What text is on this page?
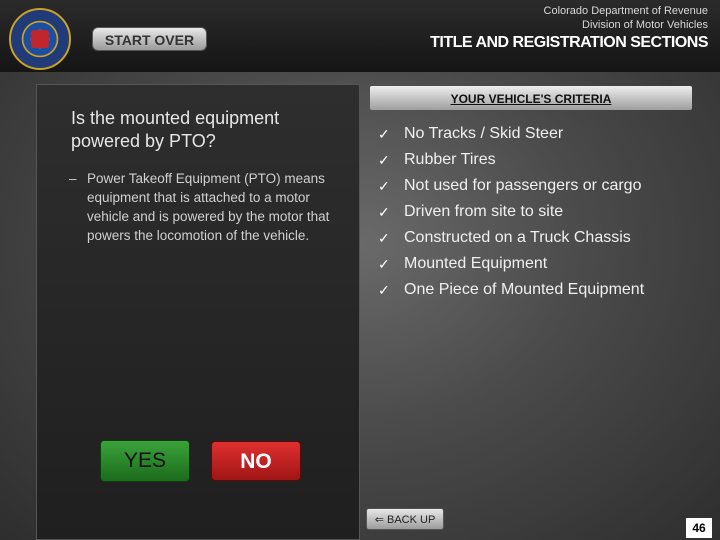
START OVER
Colorado Department of Revenue
Division of Motor Vehicles
TITLE AND REGISTRATION SECTIONS
Is the mounted equipment powered by PTO?
– Power Takeoff Equipment (PTO) means equipment that is attached to a motor vehicle and is powered by the motor that powers the locomotion of the vehicle.
YOUR VEHICLE'S CRITERIA
✓ No Tracks / Skid Steer
✓ Rubber Tires
✓ Not used for passengers or cargo
✓ Driven from site to site
✓ Constructed on a Truck Chassis
✓ Mounted Equipment
✓ One Piece of Mounted Equipment
YES	NO
⇐ BACK UP
46
